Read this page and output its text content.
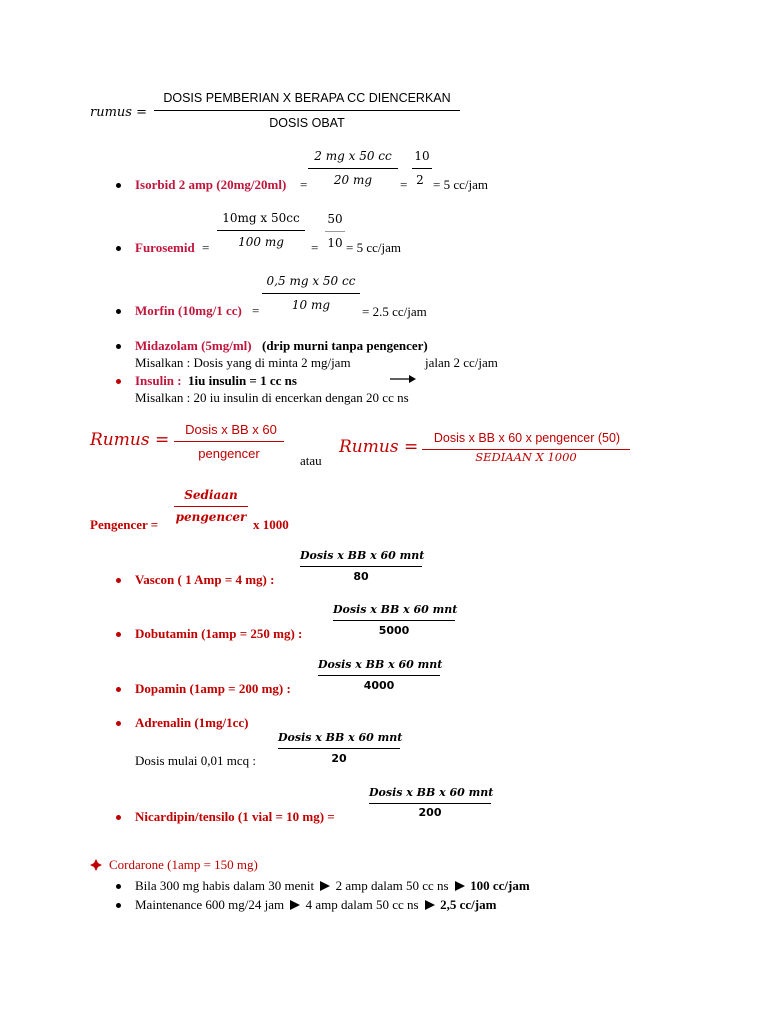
rumus =
DOSIS PEMBERIAN X BERAPA CC DIENCERKAN
DOSIS OBAT
Isorbid 2 amp (20mg/20ml) =
2 mg x 50 cc
20 mg	=
10
2 = 5 cc/jam
Furosemid =
10mg x 50cc
100 mg	=
50
10 = 5 cc/jam
Morfin (10mg/1 cc) =
0,5 mg x 50 cc
10 mg	= 2.5 cc/jam
Midazolam (5mg/ml) (drip murni tanpa pengencer)
Misalkan : Dosis yang di minta 2 mg/jam	jalan 2 cc/jam
Insulin : 1iu insulin = 1 cc ns
Misalkan : 20 iu insulin di encerkan dengan 20 cc ns
Rumus =
Dosis x BB x 60
pengencer	atau
Rumus =	Dosis x BB x 60 x pengencer (50)
SEDIAAN X 1000
Pengencer =
Sediaan
pengencer x 1000
Vascon ( 1 Amp = 4 mg) :
Dosis x BB x 60 mnt
80
Dobutamin (1amp = 250 mg) :
Dosis x BB x 60 mnt
5000
Dopamin (1amp = 200 mg) :
Dosis x BB x 60 mnt
4000
Adrenalin (1mg/1cc)
Dosis x BB x 60 mnt
20
Dosis mulai 0,01 mcq :
Nicardipin/tensilo (1 vial = 10 mg) =
Dosis x BB x 60 mnt
200
Cordarone (1amp = 150 mg)
Bila 300 mg habis dalam 30 menit 2 amp dalam 50 cc ns 100 cc/jam
Maintenance 600 mg/24 jam 4 amp dalam 50 cc ns 2,5 cc/jam
